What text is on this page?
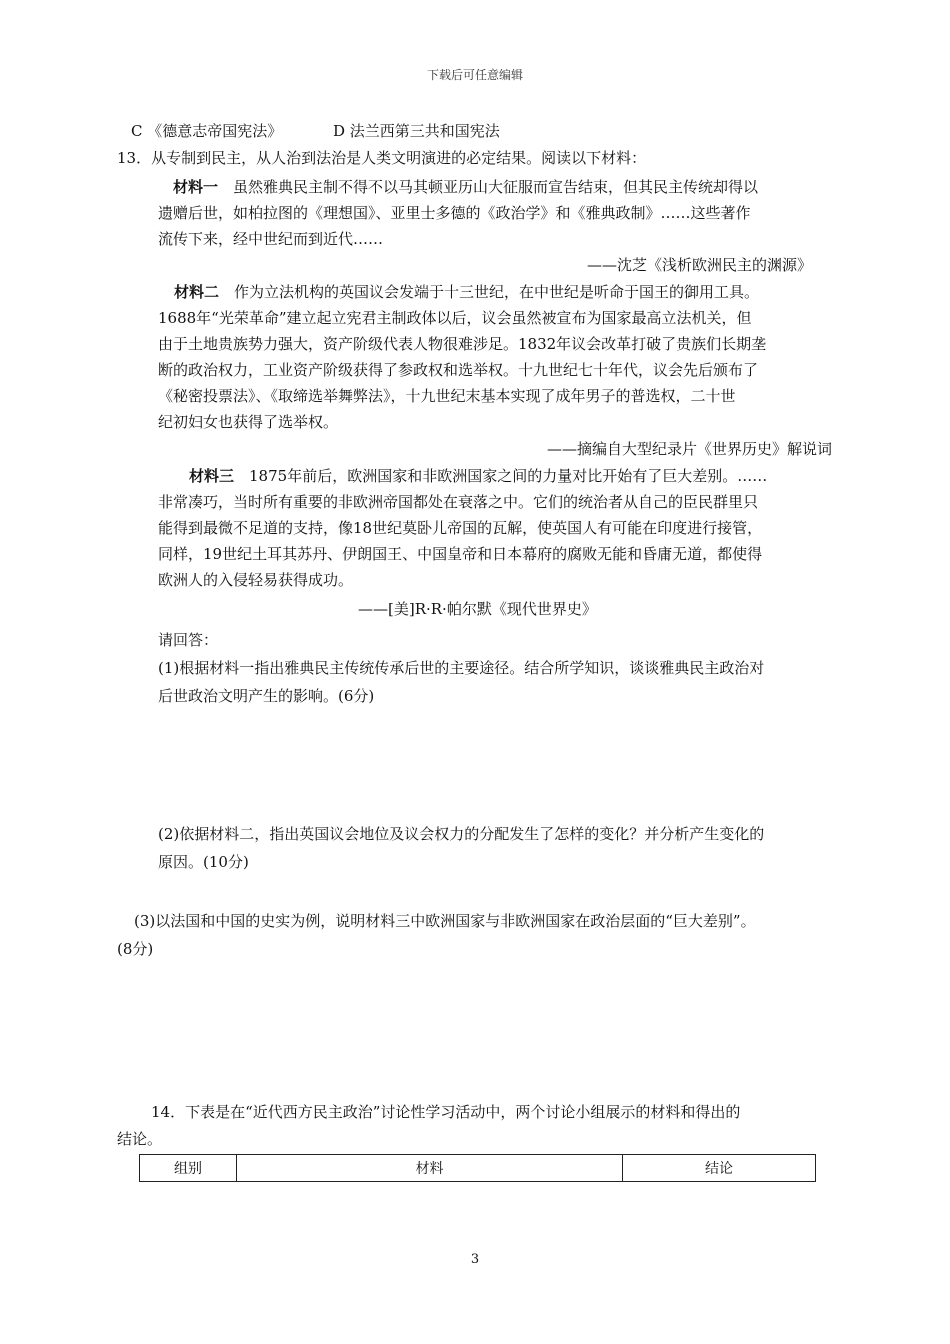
下载后可任意编辑
C 《德意志帝国宪法》	D 法兰西第三共和国宪法
13．从专制到民主，从人治到法治是人类文明演进的必定结果。阅读以下材料：
材料一　虽然雅典民主制不得不以马其顿亚历山大征服而宣告结束，但其民主传统却得以
遗赠后世，如柏拉图的《理想国》、亚里士多德的《政治学》和《雅典政制》……这些著作
流传下来，经中世纪而到近代……
——沈芝《浅析欧洲民主的渊源》
材料二　作为立法机构的英国议会发端于十三世纪，在中世纪是听命于国王的御用工具。
1688年“光荣革命”建立起立宪君主制政体以后，议会虽然被宣布为国家最高立法机关，但
由于土地贵族势力强大，资产阶级代表人物很难涉足。1832年议会改革打破了贵族们长期垄
断的政治权力，工业资产阶级获得了参政权和选举权。十九世纪七十年代，议会先后颁布了
《秘密投票法》、《取缔选举舞弊法》，十九世纪末基本实现了成年男子的普选权，二十世
纪初妇女也获得了选举权。
——摘编自大型纪录片《世界历史》解说词
材料三　1875年前后，欧洲国家和非欧洲国家之间的力量对比开始有了巨大差别。……
非常凑巧，当时所有重要的非欧洲帝国都处在衰落之中。它们的统治者从自己的臣民群里只
能得到最微不足道的支持，像18世纪莫卧儿帝国的瓦解，使英国人有可能在印度进行接管，
同样，19世纪土耳其苏丹、伊朗国王、中国皇帝和日本幕府的腐败无能和昏庸无道，都使得
欧洲人的入侵轻易获得成功。
——[美]R·R·帕尔默《现代世界史》
请回答：
(1)根据材料一指出雅典民主传统传承后世的主要途径。结合所学知识，谈谈雅典民主政治对
后世政治文明产生的影响。(6分)
(2)依据材料二，指出英国议会地位及议会权力的分配发生了怎样的变化？并分析产生变化的
原因。(10分)
(3)以法国和中国的史实为例，说明材料三中欧洲国家与非欧洲国家在政治层面的“巨大差别”。
(8分)
14．下表是在“近代西方民主政治”讨论性学习活动中，两个讨论小组展示的材料和得出的
结论。
组别	材料	结论
3
